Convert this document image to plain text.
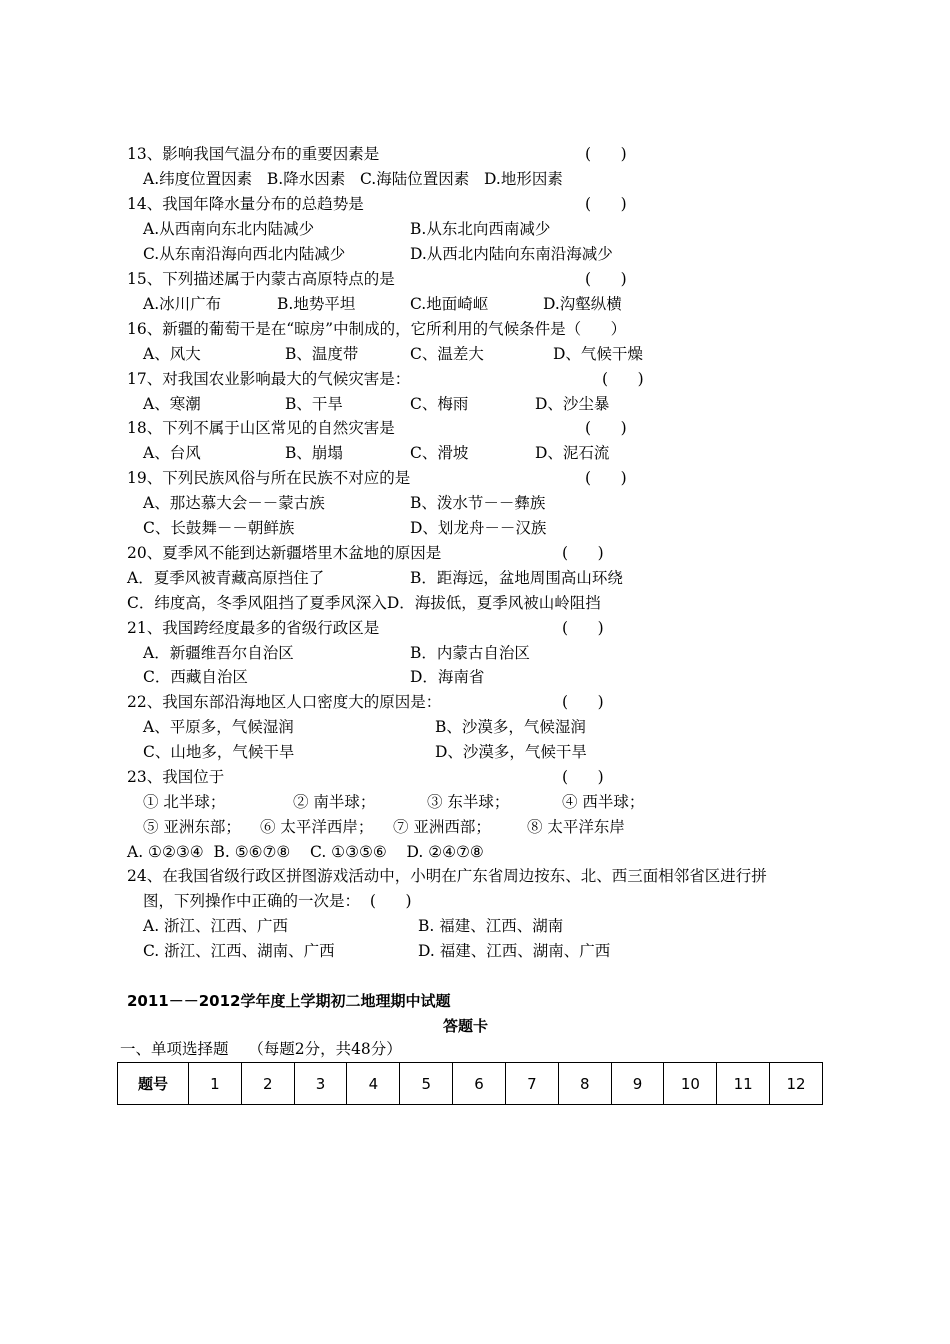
13、影响我国气温分布的重要因素是	(      )
A.纬度位置因素   B.降水因素   C.海陆位置因素   D.地形因素
14、我国年降水量分布的总趋势是	(      )
A.从西南向东北内陆减少	B.从东北向西南减少
C.从东南沿海向西北内陆减少	D.从西北内陆向东南沿海减少
15、下列描述属于内蒙古高原特点的是	(      )
A.冰川广布	B.地势平坦	C.地面崎岖	D.沟壑纵横
16、新疆的葡萄干是在“晾房”中制成的，它所利用的气候条件是（      ）
A、风大	B、温度带	C、温差大	D、气候干燥
17、对我国农业影响最大的气候灾害是：	(      )
A、寒潮	B、干旱	C、梅雨	D、沙尘暴
18、下列不属于山区常见的自然灾害是	(      )
A、台风	B、崩塌	C、滑坡	D、泥石流
19、下列民族风俗与所在民族不对应的是	(      )
A、那达慕大会－－蒙古族	B、泼水节－－彝族
C、长鼓舞－－朝鲜族	D、划龙舟－－汉族
20、夏季风不能到达新疆塔里木盆地的原因是	(      )
A．夏季风被青藏高原挡住了	B．距海远，盆地周围高山环绕
C．纬度高，冬季风阻挡了夏季风深入D．海拔低，夏季风被山岭阻挡
21、我国跨经度最多的省级行政区是	(      )
A．新疆维吾尔自治区	B．内蒙古自治区
C．西藏自治区	D．海南省
22、我国东部沿海地区人口密度大的原因是：	(      )
A、平原多，气候湿润	B、沙漠多，气候湿润
C、山地多，气候干旱	D、沙漠多，气候干旱
23、我国位于	(      )
① 北半球；	② 南半球；	③ 东半球；	④ 西半球；
⑤ 亚洲东部； ⑥ 太平洋西岸； ⑦ 亚洲西部； ⑧ 太平洋东岸
A. ①②③④  B. ⑤⑥⑦⑧    C. ①③⑤⑥    D. ②④⑦⑧
24、在我国省级行政区拼图游戏活动中，小明在广东省周边按东、北、西三面相邻省区进行拼
图，下列操作中正确的一次是：  (      )
A. 浙江、江西、广西	B. 福建、江西、湖南
C. 浙江、江西、湖南、广西	D. 福建、江西、湖南、广西
2011－－2012学年度上学期初二地理期中试题
答题卡
一、单项选择题    （每题2分，共48分）
题号	1	2	3	4	5	6	7	8	9	10	11	12
